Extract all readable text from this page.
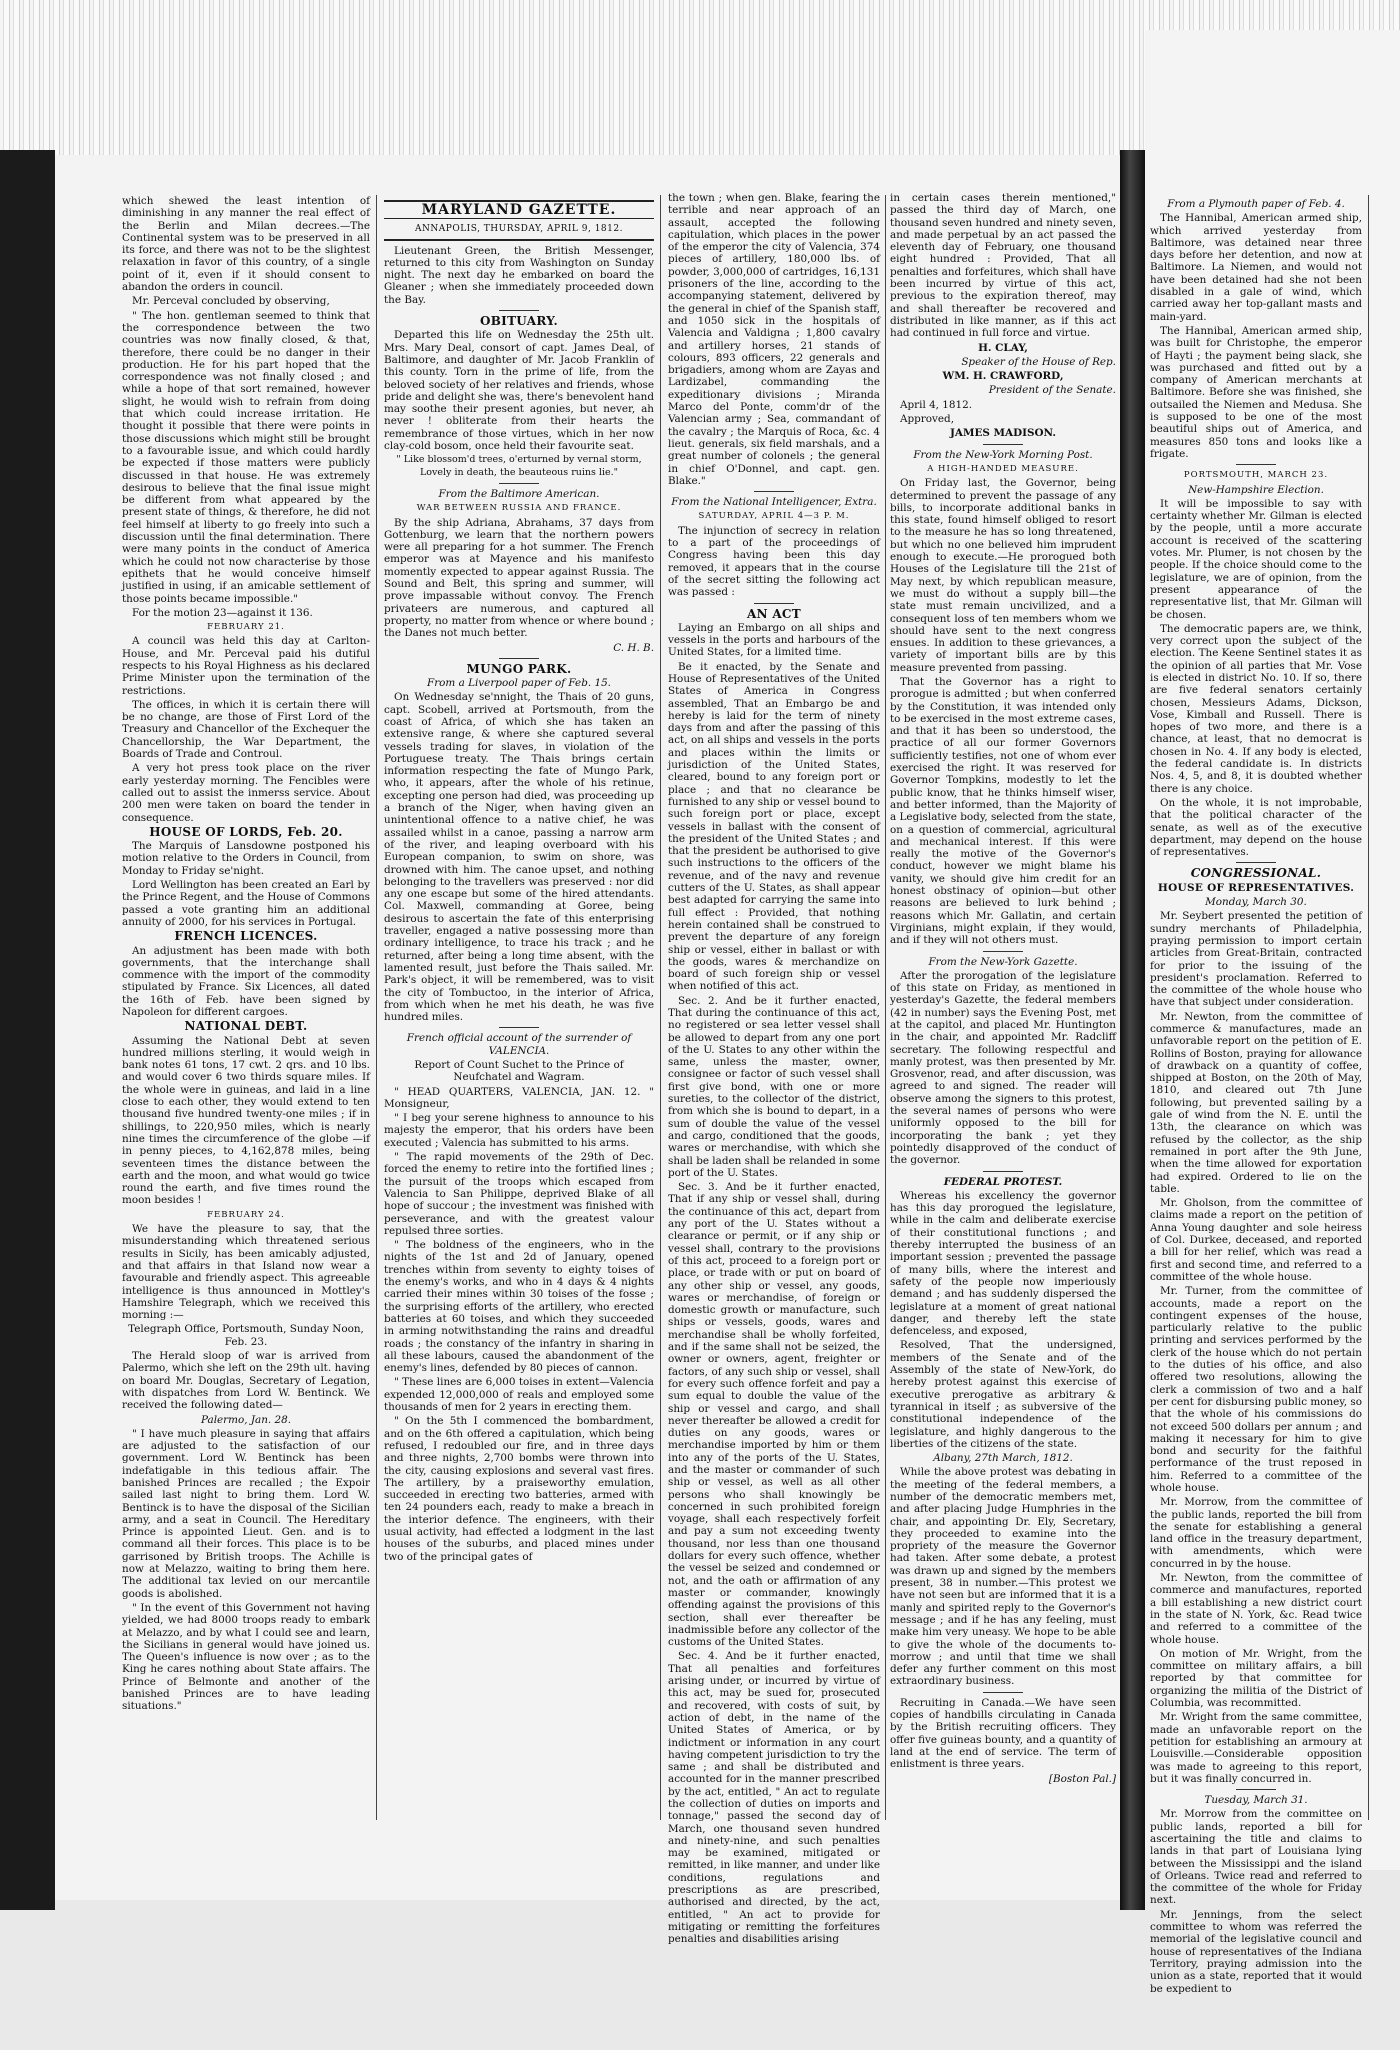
which shewed the least intention of diminishing in any manner the real effect of the Berlin and Milan decrees.—The Continental system was to be preserved in all its force, and there was not to be the slightest relaxation in favor of this country, of a single point of it, even if it should consent to abandon the orders in council.

Mr. Perceval concluded by observing,

" The hon. gentleman seemed to think that the correspondence between the two countries was now finally closed, & that, therefore, there could be no danger in their production. He for his part hoped that the correspondence was not finally closed ; and while a hope of that sort remained, however slight, he would wish to refrain from doing that which could increase irritation. He thought it possible that there were points in those discussions which might still be brought to a favourable issue, and which could hardly be expected if those matters were publicly discussed in that house. He was extremely desirous to believe that the final issue might be different from what appeared by the present state of things, & therefore, he did not feel himself at liberty to go freely into such a discussion until the final determination. There were many points in the conduct of America which he could not now characterise by those epithets that he would conceive himself justified in using, if an amicable settlement of those points became impossible."

For the motion 23—against it 136.

FEBRUARY 21.

A council was held this day at Carlton-House, and Mr. Perceval paid his dutiful respects to his Royal Highness as his declared Prime Minister upon the termination of the restrictions.

The offices, in which it is certain there will be no change, are those of First Lord of the Treasury and Chancellor of the Exchequer the Chancellorship, the War Department, the Boards of Trade and Controul.

A very hot press took place on the river early yesterday morning. The Fencibles were called out to assist the inmerss service. About 200 men were taken on board the tender in consequence.

HOUSE OF LORDS, Feb. 20.

The Marquis of Lansdowne postponed his motion relative to the Orders in Council, from Monday to Friday se'night.

Lord Wellington has been created an Earl by the Prince Regent, and the House of Commons passed a vote granting him an additional annuity of 2000, for his services in Portugal.

FRENCH LICENCES.

An adjustment has been made with both governments, that the interchange shall commence with the import of the commodity stipulated by France. Six Licences, all dated the 16th of Feb. have been signed by Napoleon for different cargoes.

NATIONAL DEBT.

Assuming the National Debt at seven hundred millions sterling, it would weigh in bank notes 61 tons, 17 cwt. 2 qrs. and 10 lbs. and would cover 6 two thirds square miles. If the whole were in guineas, and laid in a line close to each other, they would extend to ten thousand five hundred twenty-one miles ; if in shillings, to 220,950 miles, which is nearly nine times the circumference of the globe —if in penny pieces, to 4,162,878 miles, being seventeen times the distance between the earth and the moon, and what would go twice round the earth, and five times round the moon besides !

FEBRUARY 24.

We have the pleasure to say, that the misunderstanding which threatened serious results in Sicily, has been amicably adjusted, and that affairs in that Island now wear a favourable and friendly aspect. This agreeable intelligence is thus announced in Mottley's Hamshire Telegraph, which we received this morning :—

Telegraph Office, Portsmouth, Sunday Noon, Feb. 23.

The Herald sloop of war is arrived from Palermo, which she left on the 29th ult. having on board Mr. Douglas, Secretary of Legation, with dispatches from Lord W. Bentinck. We received the following dated—

Palermo, Jan. 28.

" I have much pleasure in saying that affairs are adjusted to the satisfaction of our government. Lord W. Bentinck has been indefatigable in this tedious affair. The banished Princes are recalled ; the Expoir sailed last night to bring them. Lord W. Bentinck is to have the disposal of the Sicilian army, and a seat in Council. The Hereditary Prince is appointed Lieut. Gen. and is to command all their forces. This place is to be garrisoned by British troops. The Achille is now at Melazzo, waiting to bring them here. The additional tax levied on our mercantile goods is abolished.

" In the event of this Government not having yielded, we had 8000 troops ready to embark at Melazzo, and by what I could see and learn, the Sicilians in general would have joined us. The Queen's influence is now over ; as to the King he cares nothing about State affairs. The Prince of Belmonte and another of the banished Princes are to have leading situations."

MARYLAND GAZETTE.
ANNAPOLIS, THURSDAY, APRIL 9, 1812.

Lieutenant Green, the British Messenger, returned to this city from Washington on Sunday night. The next day he embarked on board the Gleaner ; when she immediately proceeded down the Bay.

OBITUARY.

Departed this life on Wednesday the 25th ult. Mrs. Mary Deal, consort of capt. James Deal, of Baltimore, and daughter of Mr. Jacob Franklin of this county. Torn in the prime of life, from the beloved society of her relatives and friends, whose pride and delight she was, there's benevolent hand may soothe their present agonies, but never, ah never ! obliterate from their hearts the remembrance of those virtues, which in her now clay-cold bosom, once held their favourite seat.

" Like blossom'd trees, o'erturned by vernal storm, Lovely in death, the beauteous ruins lie."

From the Baltimore American.

WAR BETWEEN RUSSIA AND FRANCE.

By the ship Adriana, Abrahams, 37 days from Gottenburg, we learn that the northern powers were all preparing for a hot summer. The French emperor was at Mayence and his manifesto momently expected to appear against Russia. The Sound and Belt, this spring and summer, will prove impassable without convoy. The French privateers are numerous, and captured all property, no matter from whence or where bound ; the Danes not much better.

C. H. B.

MUNGO PARK.

From a Liverpool paper of Feb. 15.

On Wednesday se'nnight, the Thais of 20 guns, capt. Scobell, arrived at Portsmouth, from the coast of Africa, of which she has taken an extensive range, & where she captured several vessels trading for slaves, in violation of the Portuguese treaty. The Thais brings certain information respecting the fate of Mungo Park, who, it appears, after the whole of his retinue, excepting one person had died, was proceeding up a branch of the Niger, when having given an unintentional offence to a native chief, he was assailed whilst in a canoe, passing a narrow arm of the river, and leaping overboard with his European companion, to swim on shore, was drowned with him. The canoe upset, and nothing belonging to the travellers was preserved : nor did any one escape but some of the hired attendants. Col. Maxwell, commanding at Goree, being desirous to ascertain the fate of this enterprising traveller, engaged a native possessing more than ordinary intelligence, to trace his track ; and he returned, after being a long time absent, with the lamented result, just before the Thais sailed. Mr. Park's object, it will be remembered, was to visit the city of Tombuctoo, in the interior of Africa, from which when he met his death, he was five hundred miles.

French official account of the surrender of VALENCIA.

Report of Count Suchet to the Prince of Neufchatel and Wagram.

" HEAD QUARTERS, VALENCIA, JAN. 12. " Monsigneur,

" I beg your serene highness to announce to his majesty the emperor, that his orders have been executed ; Valencia has submitted to his arms.

" The rapid movements of the 29th of Dec. forced the enemy to retire into the fortified lines ; the pursuit of the troops which escaped from Valencia to San Philippe, deprived Blake of all hope of succour ; the investment was finished with perseverance, and with the greatest valour repulsed three sorties.

" The boldness of the engineers, who in the nights of the 1st and 2d of January, opened trenches within from seventy to eighty toises of the enemy's works, and who in 4 days & 4 nights carried their mines within 30 toises of the fosse ; the surprising efforts of the artillery, who erected batteries at 60 toises, and which they succeeded in arming notwithstanding the rains and dreadful roads ; the constancy of the infantry in sharing in all these labours, caused the abandonment of the enemy's lines, defended by 80 pieces of cannon.

" These lines are 6,000 toises in extent—Valencia expended 12,000,000 of reals and employed some thousands of men for 2 years in erecting them.

" On the 5th I commenced the bombardment, and on the 6th offered a capitulation, which being refused, I redoubled our fire, and in three days and three nights, 2,700 bombs were thrown into the city, causing explosions and several vast fires. The artillery, by a praiseworthy emulation, succeeded in erecting two batteries, armed with ten 24 pounders each, ready to make a breach in the interior defence. The engineers, with their usual activity, had effected a lodgment in the last houses of the suburbs, and placed mines under two of the principal gates of

the town ; when gen. Blake, fearing the terrible and near approach of an assault, accepted the following capitulation, which places in the power of the emperor the city of Valencia, 374 pieces of artillery, 180,000 lbs. of powder, 3,000,000 of cartridges, 16,131 prisoners of the line, according to the accompanying statement, delivered by the general in chief of the Spanish staff, and 1050 sick in the hospitals of Valencia and Valdigna ; 1,800 cavalry and artillery horses, 21 stands of colours, 893 officers, 22 generals and brigadiers, among whom are Zayas and Lardizabel, commanding the expeditionary divisions ; Miranda Marco del Ponte, comm'dr of the Valencian army ; Sea, commandant of the cavalry ; the Marquis of Roca, &c. 4 lieut. generals, six field marshals, and a great number of colonels ; the general in chief O'Donnel, and capt. gen. Blake."

From the National Intelligencer, Extra.

SATURDAY, APRIL 4—3 P. M.

The injunction of secrecy in relation to a part of the proceedings of Congress having been this day removed, it appears that in the course of the secret sitting the following act was passed :

AN ACT

Laying an Embargo on all ships and vessels in the ports and harbours of the United States, for a limited time.

Be it enacted, by the Senate and House of Representatives of the United States of America in Congress assembled, That an Embargo be and hereby is laid for the term of ninety days from and after the passing of this act, on all ships and vessels in the ports and places within the limits or jurisdiction of the United States, cleared, bound to any foreign port or place ; and that no clearance be furnished to any ship or vessel bound to such foreign port or place, except vessels in ballast with the consent of the president of the United States ; and that the president be authorised to give such instructions to the officers of the revenue, and of the navy and revenue cutters of the U. States, as shall appear best adapted for carrying the same into full effect : Provided, that nothing herein contained shall be construed to prevent the departure of any foreign ship or vessel, either in ballast or with the goods, wares & merchandize on board of such foreign ship or vessel when notified of this act.

Sec. 2. And be it further enacted, That during the continuance of this act, no registered or sea letter vessel shall be allowed to depart from any one port of the U. States to any other within the same, unless the master, owner, consignee or factor of such vessel shall first give bond, with one or more sureties, to the collector of the district, from which she is bound to depart, in a sum of double the value of the vessel and cargo, conditioned that the goods, wares or merchandise, with which she shall be laden shall be relanded in some port of the U. States.

Sec. 3. And be it further enacted, That if any ship or vessel shall, during the continuance of this act, depart from any port of the U. States without a clearance or permit, or if any ship or vessel shall, contrary to the provisions of this act, proceed to a foreign port or place, or trade with or put on board of any other ship or vessel, any goods, wares or merchandise, of foreign or domestic growth or manufacture, such ships or vessels, goods, wares and merchandise shall be wholly forfeited, and if the same shall not be seized, the owner or owners, agent, freighter or factors, of any such ship or vessel, shall for every such offence forfeit and pay a sum equal to double the value of the ship or vessel and cargo, and shall never thereafter be allowed a credit for duties on any goods, wares or merchandise imported by him or them into any of the ports of the U. States, and the master or commander of such ship or vessel, as well as all other persons who shall knowingly be concerned in such prohibited foreign voyage, shall each respectively forfeit and pay a sum not exceeding twenty thousand, nor less than one thousand dollars for every such offence, whether the vessel be seized and condemned or not, and the oath or affirmation of any master or commander, knowingly offending against the provisions of this section, shall ever thereafter be inadmissible before any collector of the customs of the United States.

Sec. 4. And be it further enacted, That all penalties and forfeitures arising under, or incurred by virtue of this act, may be sued for, prosecuted and recovered, with costs of suit, by action of debt, in the name of the United States of America, or by indictment or information in any court having competent jurisdiction to try the same ; and shall be distributed and accounted for in the manner prescribed by the act, entitled, " An act to regulate the collection of duties on imports and tonnage," passed the second day of March, one thousand seven hundred and ninety-nine, and such penalties may be examined, mitigated or remitted, in like manner, and under like conditions, regulations and prescriptions as are prescribed, authorised and directed, by the act, entitled, " An act to provide for mitigating or remitting the forfeitures penalties and disabilities arising

in certain cases therein mentioned," passed the third day of March, one thousand seven hundred and ninety seven, and made perpetual by an act passed the eleventh day of February, one thousand eight hundred : Provided, That all penalties and forfeitures, which shall have been incurred by virtue of this act, previous to the expiration thereof, may and shall thereafter be recovered and distributed in like manner, as if this act had continued in full force and virtue.

H. CLAY,

Speaker of the House of Rep.

WM. H. CRAWFORD,

President of the Senate.

April 4, 1812.

Approved,

JAMES MADISON.

From the New-York Morning Post.

A HIGH-HANDED MEASURE.

On Friday last, the Governor, being determined to prevent the passage of any bills, to incorporate additional banks in this state, found himself obliged to resort to the measure he has so long threatened, but which no one believed him imprudent enough to execute.—He prorogued both Houses of the Legislature till the 21st of May next, by which republican measure, we must do without a supply bill—the state must remain uncivilized, and a consequent loss of ten members whom we should have sent to the next congress ensues. In addition to these grievances, a variety of important bills are by this measure prevented from passing.

That the Governor has a right to prorogue is admitted ; but when conferred by the Constitution, it was intended only to be exercised in the most extreme cases, and that it has been so understood, the practice of all our former Governors sufficiently testifies, not one of whom ever exercised the right. It was reserved for Governor Tompkins, modestly to let the public know, that he thinks himself wiser, and better informed, than the Majority of a Legislative body, selected from the state, on a question of commercial, agricultural and mechanical interest. If this were really the motive of the Governor's conduct, however we might blame his vanity, we should give him credit for an honest obstinacy of opinion—but other reasons are believed to lurk behind ; reasons which Mr. Gallatin, and certain Virginians, might explain, if they would, and if they will not others must.

From the New-York Gazette.

After the prorogation of the legislature of this state on Friday, as mentioned in yesterday's Gazette, the federal members (42 in number) says the Evening Post, met at the capitol, and placed Mr. Huntington in the chair, and appointed Mr. Radcliff secretary. The following respectful and manly protest, was then presented by Mr. Grosvenor, read, and after discussion, was agreed to and signed. The reader will observe among the signers to this protest, the several names of persons who were uniformly opposed to the bill for incorporating the bank ; yet they pointedly disapproved of the conduct of the governor.

FEDERAL PROTEST.

Whereas his excellency the governor has this day prorogued the legislature, while in the calm and deliberate exercise of their constitutional functions ; and thereby interrupted the business of an important session ; prevented the passage of many bills, where the interest and safety of the people now imperiously demand ; and has suddenly dispersed the legislature at a moment of great national danger, and thereby left the state defenceless, and exposed,

Resolved, That the undersigned, members of the Senate and of the Assembly of the state of New-York, do hereby protest against this exercise of executive prerogative as arbitrary & tyrannical in itself ; as subversive of the constitutional independence of the legislature, and highly dangerous to the liberties of the citizens of the state.

Albany, 27th March, 1812.

While the above protest was debating in the meeting of the federal members, a number of the democratic members met, and after placing Judge Humphries in the chair, and appointing Dr. Ely, Secretary, they proceeded to examine into the propriety of the measure the Governor had taken. After some debate, a protest was drawn up and signed by the members present, 38 in number.—This protest we have not seen but are informed that it is a manly and spirited reply to the Governor's message ; and if he has any feeling, must make him very uneasy. We hope to be able to give the whole of the documents to-morrow ; and until that time we shall defer any further comment on this most extraordinary business.

Recruiting in Canada.—We have seen copies of handbills circulating in Canada by the British recruiting officers. They offer five guineas bounty, and a quantity of land at the end of service. The term of enlistment is three years.

[Boston Pal.]

From a Plymouth paper of Feb. 4.

The Hannibal, American armed ship, which arrived yesterday from Baltimore, was detained near three days before her detention, and now at Baltimore. La Niemen, and would not have been detained had she not been disabled in a gale of wind, which carried away her top-gallant masts and main-yard.

The Hannibal, American armed ship, was built for Christophe, the emperor of Hayti ; the payment being slack, she was purchased and fitted out by a company of American merchants at Baltimore. Before she was finished, she outsailed the Niemen and Medusa. She is supposed to be one of the most beautiful ships out of America, and measures 850 tons and looks like a frigate.

PORTSMOUTH, MARCH 23.

New-Hampshire Election.

It will be impossible to say with certainty whether Mr. Gilman is elected by the people, until a more accurate account is received of the scattering votes. Mr. Plumer, is not chosen by the people. If the choice should come to the legislature, we are of opinion, from the present appearance of the representative list, that Mr. Gilman will be chosen.

The democratic papers are, we think, very correct upon the subject of the election. The Keene Sentinel states it as the opinion of all parties that Mr. Vose is elected in district No. 10. If so, there are five federal senators certainly chosen, Messieurs Adams, Dickson, Vose, Kimball and Russell. There is hopes of two more, and there is a chance, at least, that no democrat is chosen in No. 4. If any body is elected, the federal candidate is. In districts Nos. 4, 5, and 8, it is doubted whether there is any choice.

On the whole, it is not improbable, that the political character of the senate, as well as of the executive department, may depend on the house of representatives.

CONGRESSIONAL.

HOUSE OF REPRESENTATIVES.

Monday, March 30.

Mr. Seybert presented the petition of sundry merchants of Philadelphia, praying permission to import certain articles from Great-Britain, contracted for prior to the issuing of the president's proclamation. Referred to the committee of the whole house who have that subject under consideration.

Mr. Newton, from the committee of commerce & manufactures, made an unfavorable report on the petition of E. Rollins of Boston, praying for allowance of drawback on a quantity of coffee, shipped at Boston, on the 20th of May, 1810, and cleared out 7th June following, but prevented sailing by a gale of wind from the N. E. until the 13th, the clearance on which was refused by the collector, as the ship remained in port after the 9th June, when the time allowed for exportation had expired. Ordered to lie on the table.

Mr. Gholson, from the committee of claims made a report on the petition of Anna Young daughter and sole heiress of Col. Durkee, deceased, and reported a bill for her relief, which was read a first and second time, and referred to a committee of the whole house.

Mr. Turner, from the committee of accounts, made a report on the contingent expenses of the house, particularly relative to the public printing and services performed by the clerk of the house which do not pertain to the duties of his office, and also offered two resolutions, allowing the clerk a commission of two and a half per cent for disbursing public money, so that the whole of his commissions do not exceed 500 dollars per annum ; and making it necessary for him to give bond and security for the faithful performance of the trust reposed in him. Referred to a committee of the whole house.

Mr. Morrow, from the committee of the public lands, reported the bill from the senate for establishing a general land office in the treasury department, with amendments, which were concurred in by the house.

Mr. Newton, from the committee of commerce and manufactures, reported a bill establishing a new district court in the state of N. York, &c. Read twice and referred to a committee of the whole house.

On motion of Mr. Wright, from the committee on military affairs, a bill reported by that committee for organizing the militia of the District of Columbia, was recommitted.

Mr. Wright from the same committee, made an unfavorable report on the petition for establishing an armoury at Louisville.—Considerable opposition was made to agreeing to this report, but it was finally concurred in.

Tuesday, March 31.

Mr. Morrow from the committee on public lands, reported a bill for ascertaining the title and claims to lands in that part of Louisiana lying between the Mississippi and the island of Orleans. Twice read and referred to the committee of the whole for Friday next.

Mr. Jennings, from the select committee to whom was referred the memorial of the legislative council and house of representatives of the Indiana Territory, praying admission into the union as a state, reported that it would be expedient to
